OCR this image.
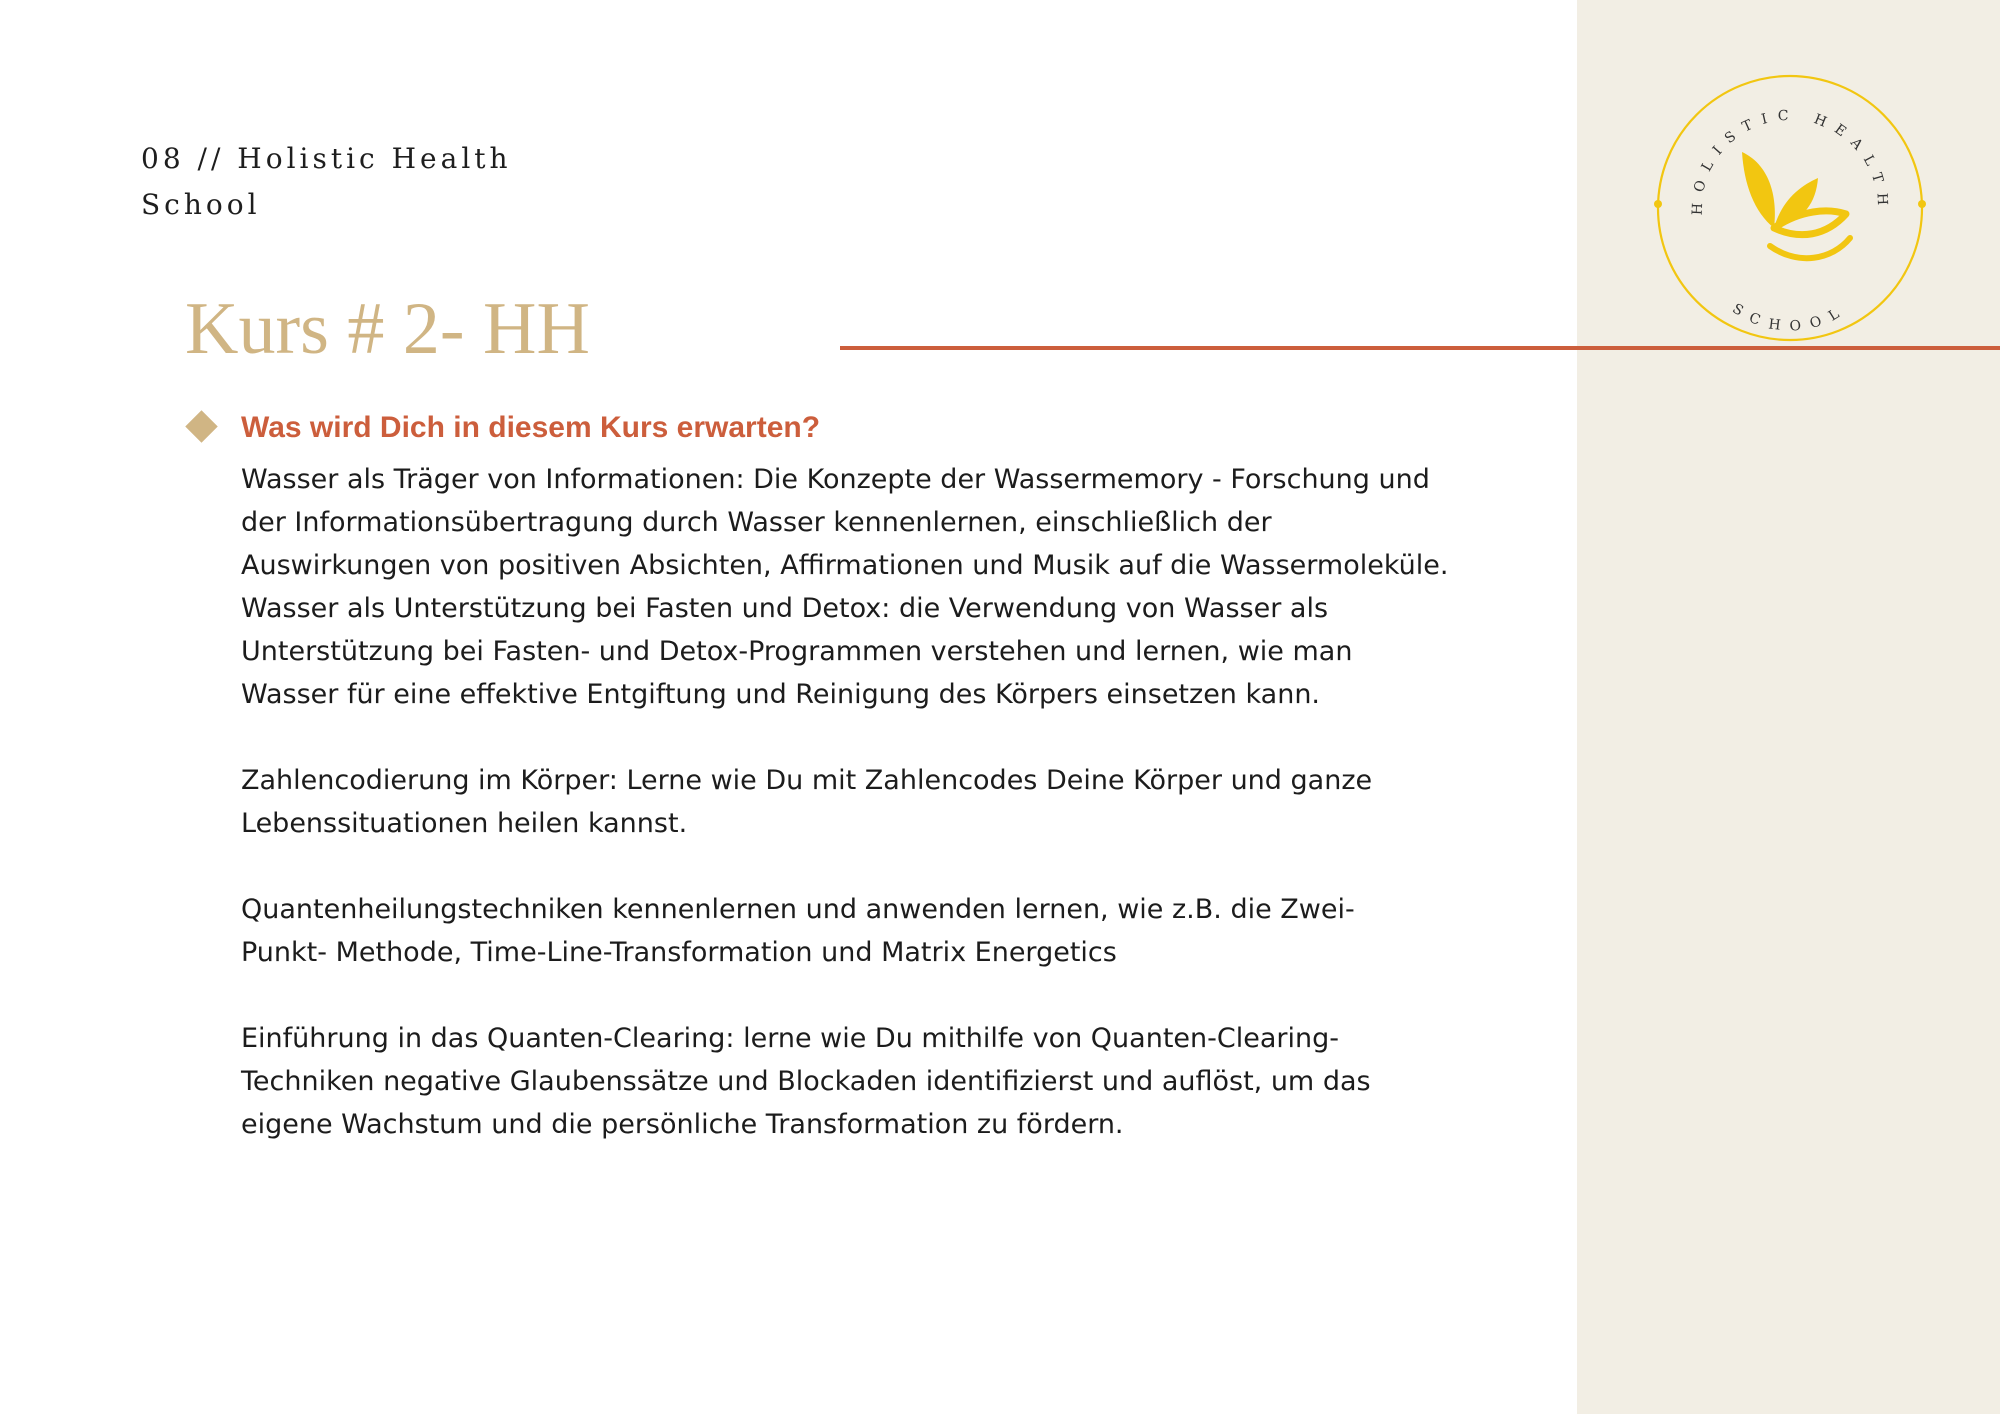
08 // Holistic Health
School
Kurs # 2- HH
Was wird Dich in diesem Kurs erwarten?

Wasser als Träger von Informationen: Die Konzepte der Wassermemory - Forschung und

der Informationsübertragung durch Wasser kennenlernen, einschließlich der

Auswirkungen von positiven Absichten, Affirmationen und Musik auf die Wassermoleküle.

Wasser als Unterstützung bei Fasten und Detox: die Verwendung von Wasser als

Unterstützung bei Fasten- und Detox-Programmen verstehen und lernen, wie man

Wasser für eine effektive Entgiftung und Reinigung des Körpers einsetzen kann.

Zahlencodierung im Körper: Lerne wie Du mit Zahlencodes Deine Körper und ganze

Lebenssituationen heilen kannst.

Quantenheilungstechniken kennenlernen und anwenden lernen, wie z.B. die Zwei-

Punkt- Methode, Time-Line-Transformation und Matrix Energetics

Einführung in das Quanten-Clearing: lerne wie Du mithilfe von Quanten-Clearing-

Techniken negative Glaubenssätze und Blockaden identifizierst und auflöst, um das

eigene Wachstum und die persönliche Transformation zu fördern.

HOLISTIC HEALTH
SCHOOL
